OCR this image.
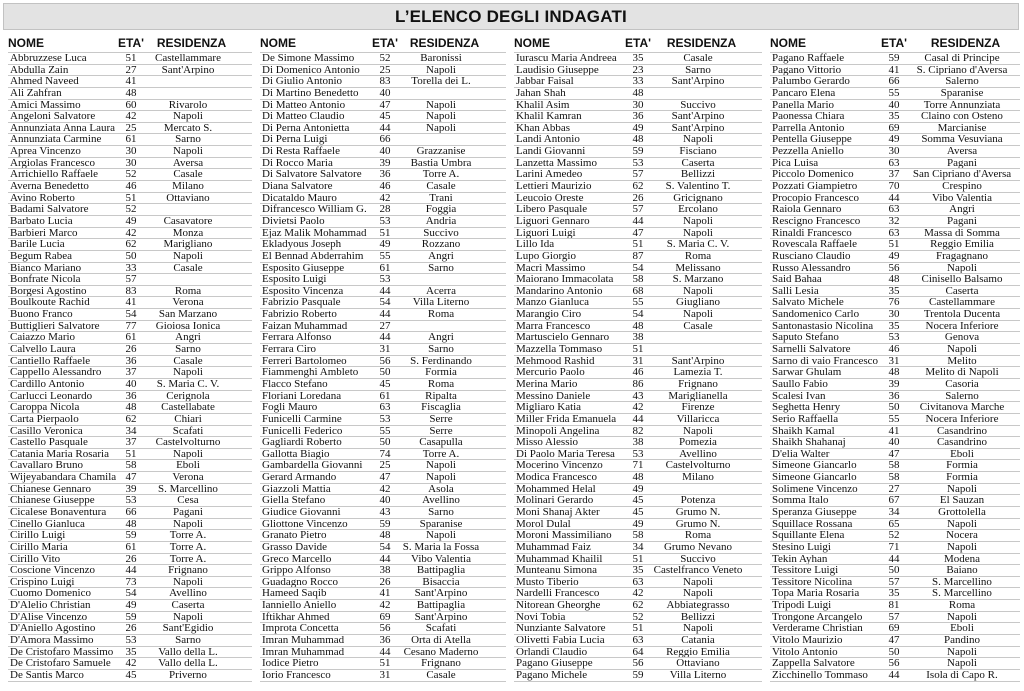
L’ELENCO DEGLI INDAGATI
NOME	ETA'	RESIDENZA
Abbruzzese Luca	51	Castellammare
Abdulla Zain	27	Sant'Arpino
Ahmed Naveed	41
Ali Zahfran	48
Amici Massimo	60	Rivarolo
Angeloni Salvatore	42	Napoli
Annunziata Anna Laura 25	Mercato S.
Annunziata Carmine	61	Sarno
Aprea Vincenzo	30	Napoli
Argiolas Francesco	30	Aversa
Arrichiello Raffaele	52	Casale
Averna Benedetto	46	Milano
Avino Roberto	51	Ottaviano
Badami Salvatore	52
Barbato Lucia	49	Casavatore
Barbieri Marco	42	Monza
Barile Lucia	62	Marigliano
Begum Rabea	50	Napoli
Bianco Mariano	33	Casale
Bonfrate Nicola	57
Borgesi Agostino	83	Roma
Boulkoute Rachid	41	Verona
Buono Franco	54	San Marzano
Buttiglieri Salvatore	77	Gioiosa Ionica
Caiazzo Mario	61	Angri
Calvello Laura	26	Sarno
Cantiello Raffaele	36	Casale
Cappello Alessandro	37	Napoli
Cardillo Antonio	40	S. Maria C. V.
Carlucci Leonardo	36	Cerignola
Caroppa Nicola	48	Castellabate
Carta Pierpaolo	62	Chiari
Casillo Veronica	34	Scafati
Castello Pasquale	37	Castelvolturno
Catania Maria Rosaria	51	Napoli
Cavallaro Bruno	58	Eboli
Wijeyabandara Chamila 47	Verona
Chianese Gennaro	39	S. Marcellino
Chianese Giuseppe	53	Cesa
Cicalese Bonaventura	66	Pagani
Cinello Gianluca	48	Napoli
Cirillo Luigi	59	Torre A.
Cirillo Maria	61	Torre A.
Cirillo Vito	26	Torre A.
Coscione Vincenzo	44	Frignano
Crispino Luigi	73	Napoli
Cuomo Domenico	54	Avellino
D'Alelio Christian	49	Caserta
D'Alise Vincenzo	59	Napoli
D'Aniello Agostino	26	Sant'Egidio
D'Amora Massimo	53	Sarno
De Cristofaro Massimo	35	Vallo della L.
De Cristofaro Samuele	42	Vallo della L.
De Santis Marco	45	Priverno
NOME	ETA' RESIDENZA
De Simone Massimo	52	Baronissi
Di Domenico Antonio	25	Napoli
Di Giulio Antonio	83	Torella dei L.
Di Martino Benedetto	40
Di Matteo Antonio	47	Napoli
Di Matteo Claudio	45	Napoli
Di Perna Antonietta	44	Napoli
Di Perna Luigi	66
Di Resta Raffaele	40	Grazzanise
Di Rocco Maria	39	Bastia Umbra
Di Salvatore Salvatore	36	Torre A.
Diana Salvatore	46	Casale
Dicataldo Mauro	42	Trani
Difrancesco William G.	28	Foggia
Divietsi Paolo	53	Andria
Ejaz Malik Mohammad	51	Succivo
Ekladyous Joseph	49	Rozzano
El Bennad Abderrahim	55	Angri
Esposito Giuseppe	61	Sarno
Esposito Luigi	53
Esposito Vincenza	44	Acerra
Fabrizio Pasquale	54	Villa Literno
Fabrizio Roberto	44	Roma
Faizan Muhammad	27
Ferrara Alfonso	44	Angri
Ferrara Ciro	31	Sarno
Ferreri Bartolomeo	56	S. Ferdinando
Fiammenghi Ambleto	50	Formia
Flacco Stefano	45	Roma
Floriani Loredana	61	Ripalta
Fogli Mauro	63	Fiscaglia
Funicelli Carmine	53	Serre
Funicelli Federico	55	Serre
Gagliardi Roberto	50	Casapulla
Gallotta Biagio	74	Torre A.
Gambardella Giovanni	25	Napoli
Gerard Armando	47	Napoli
Giazzoli Mattia	42	Asola
Giella Stefano	40	Avellino
Giudice Giovanni	43	Sarno
Gliottone Vincenzo	59	Sparanise
Granato Pietro	48	Napoli
Grasso Davide	54	S. Maria la Fossa
Greco Marcello	44	Vibo Valentia
Grippo Alfonso	38	Battipaglia
Guadagno Rocco	26	Bisaccia
Hameed Saqib	41	Sant'Arpino
Ianniello Aniello	42	Battipaglia
Iftikhar Ahmed	69	Sant'Arpino
Improta Concetta	56	Scafati
Imran Muhammad	36	Orta di Atella
Imran Muhammad	44	Cesano Maderno
Iodice Pietro	51	Frignano
Iorio Francesco	31	Casale
NOME	ETA'	RESIDENZA
Iurascu Maria Andreea	35	Casale
Laudisio Giuseppe	23	Sarno
Jabbar Faisal	33	Sant'Arpino
Jahan Shah	48
Khalil Asim	30	Succivo
Khalil Kamran	36	Sant'Arpino
Khan Abbas	49	Sant'Arpino
Landi Antonio	48	Napoli
Landi Giovanni	59	Fisciano
Lanzetta Massimo	53	Caserta
Larini Amedeo	57	Bellizzi
Lettieri Maurizio	62	S. Valentino T.
Leucoio Oreste	26	Gricignano
Libero Pasquale	57	Ercolano
Liguori Gennaro	44	Napoli
Liguori Luigi	47	Napoli
Lillo Ida	51	S. Maria C. V.
Lupo Giorgio	87	Roma
Macrì Massimo	54	Melissano
Maiorano Immacolata	58	S. Marzano
Mandarino Antonio	68	Napoli
Manzo Gianluca	55	Giugliano
Marangio Ciro	54	Napoli
Marra Francesco	48	Casale
Martuscielo Gennaro	38
Mazzella Tommaso	51
Mehmood Rashid	31	Sant'Arpino
Mercurio Paolo	46	Lamezia T.
Merina Mario	86	Frignano
Messino Daniele	43	Mariglianella
Migliaro Katia	42	Firenze
Miller Frida Emanuela	44	Villaricca
Minopoli Angelina	82	Napoli
Misso Alessio	38	Pomezia
Di Paolo Maria Teresa	53	Avellino
Mocerino Vincenzo	71	Castelvolturno
Modica Francesco	48	Milano
Mohammed Helal	49
Molinari Gerardo	45	Potenza
Moni Shanaj Akter	45	Grumo N.
Morol Dulal	49	Grumo N.
Moroni Massimiliano	58	Roma
Muhammad Faiz	34	Grumo Nevano
Muhammad Khailil	51	Succivo
Munteanu Simona	35 Castelfranco Veneto
Musto Tiberio	63	Napoli
Nardelli Francesco	42	Napoli
Nitorean Gheorghe	62	Abbiategrasso
Novi Tobia	52	Bellizzi
Nunziante Salvatore	51	Napoli
Olivetti Fabia Lucia	63	Catania
Orlandi Claudio	64	Reggio Emilia
Pagano Giuseppe	56	Ottaviano
Pagano Michele	59	Villa Literno
NOME	ETA'	RESIDENZA
Pagano Raffaele	59	Casal di Principe
Pagano Vittorio	41	S. Cipriano d'Aversa
Palumbo Gerardo	66	Salerno
Pancaro Elena	55	Sparanise
Panella Mario	40	Torre Annunziata
Paonessa Chiara	35	Claino con Osteno
Parrella Antonio	69	Marcianise
Pentella Giuseppe	49	Somma Vesuviana
Pezzella Aniello	30	Aversa
Pica Luisa	63	Pagani
Piccolo Domenico	37	San Cipriano d'Aversa
Pozzati Giampietro	70	Crespino
Procopio Francesco	44	Vibo Valentia
Raiola Gennaro	63	Angri
Rescigno Francesco	32	Pagani
Rinaldi Francesco	63	Massa di Somma
Rovescala Raffaele	51	Reggio Emilia
Rusciano Claudio	49	Fragagnano
Russo Alessandro	56	Napoli
Said Bahaa	48	Cinisello Balsamo
Salli Lesia	35	Caserta
Salvato Michele	76	Castellammare
Sandomenico Carlo	30	Trentola Ducenta
Santonastasio Nicolina	35	Nocera Inferiore
Saputo Stefano	53	Genova
Sarnelli Salvatore	46	Napoli
Sarno di vaio Francesco 31	Melito
Sarwar Ghulam	48	Melito di Napoli
Saullo Fabio	39	Casoria
Scalesi Ivan	36	Salerno
Seghetta Henry	50	Civitanova Marche
Serio Raffaella	55	Nocera Inferiore
Shaikh Kamal	41	Casandrino
Shaikh Shahanaj	40	Casandrino
D'elia Walter	47	Eboli
Simeone Giancarlo	58	Formia
Simeone Giancarlo	58	Formia
Solimene Vincenzo	27	Napoli
Somma Italo	67	El Sauzan
Speranza Giuseppe	34	Grottolella
Squillace Rossana	65	Napoli
Squillante Elena	52	Nocera
Stesino Luigi	71	Napoli
Tekin Ayhan	44	Modena
Tessitore Luigi	50	Baiano
Tessitore Nicolina	57	S. Marcellino
Topa Maria Rosaria	35	S. Marcellino
Tripodi Luigi	81	Roma
Trongone Arcangelo	57	Napoli
Verderame Christian	69	Eboli
Vitolo Maurizio	47	Pandino
Vitolo Antonio	50	Napoli
Zappella Salvatore	56	Napoli
Zicchinello Tommaso	44	Isola di Capo R.
